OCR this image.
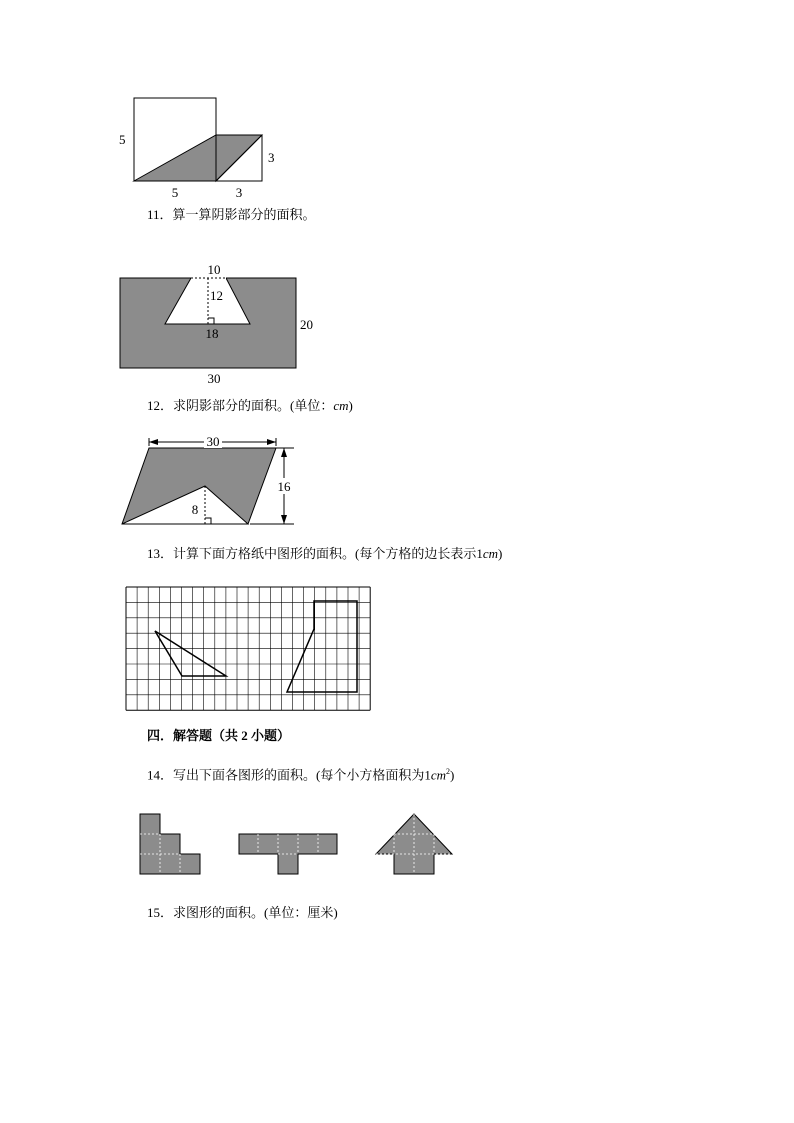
5
3
5	3
11．算一算阴影部分的面积。
10
12
18
20
30
12．求阴影部分的面积。(单位：cm)
30
16
8
13．计算下面方格纸中图形的面积。(每个方格的边长表示1cm)
四．解答题（共 2 小题）
14．写出下面各图形的面积。(每个小方格面积为$1cm^2$)
15．求图形的面积。(单位：厘米)
